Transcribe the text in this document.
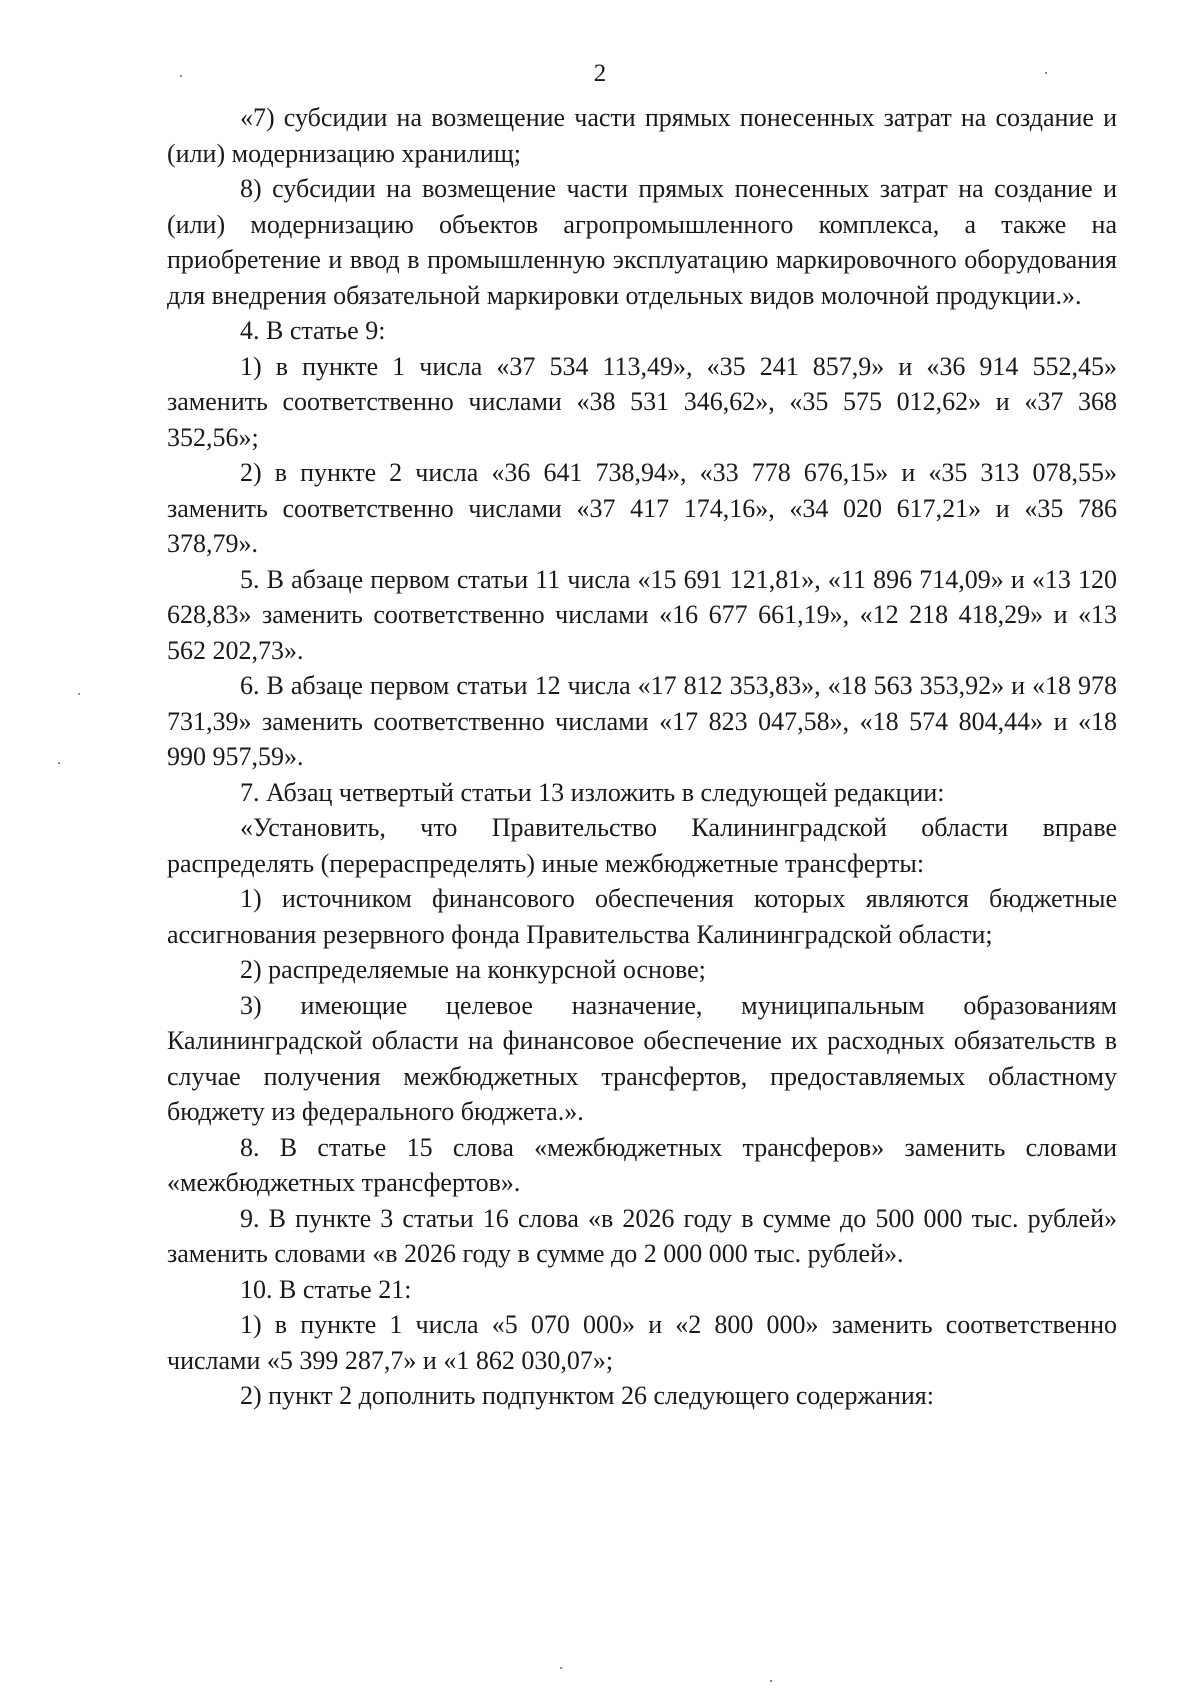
2

«7) субсидии на возмещение части прямых понесенных затрат на создание и (или) модернизацию хранилищ;

8) субсидии на возмещение части прямых понесенных затрат на создание и (или) модернизацию объектов агропромышленного комплекса, а также на приобретение и ввод в промышленную эксплуатацию маркировочного оборудования для внедрения обязательной маркировки отдельных видов молочной продукции.».

4. В статье 9:

1) в пункте 1 числа «37 534 113,49», «35 241 857,9» и «36 914 552,45» заменить соответственно числами «38 531 346,62», «35 575 012,62» и «37 368 352,56»;

2) в пункте 2 числа «36 641 738,94», «33 778 676,15» и «35 313 078,55» заменить соответственно числами «37 417 174,16», «34 020 617,21» и «35 786 378,79».

5. В абзаце первом статьи 11 числа «15 691 121,81», «11 896 714,09» и «13 120 628,83» заменить соответственно числами «16 677 661,19», «12 218 418,29» и «13 562 202,73».

6. В абзаце первом статьи 12 числа «17 812 353,83», «18 563 353,92» и «18 978 731,39» заменить соответственно числами «17 823 047,58», «18 574 804,44» и «18 990 957,59».

7. Абзац четвертый статьи 13 изложить в следующей редакции:

«Установить, что Правительство Калининградской области вправе распределять (перераспределять) иные межбюджетные трансферты:

1) источником финансового обеспечения которых являются бюджетные ассигнования резервного фонда Правительства Калининградской области;

2) распределяемые на конкурсной основе;

3) имеющие целевое назначение, муниципальным образованиям Калининградской области на финансовое обеспечение их расходных обязательств в случае получения межбюджетных трансфертов, предоставляемых областному бюджету из федерального бюджета.».

8. В статье 15 слова «межбюджетных трансферов» заменить словами «межбюджетных трансфертов».

9. В пункте 3 статьи 16 слова «в 2026 году в сумме до 500 000 тыс. рублей» заменить словами «в 2026 году в сумме до 2 000 000 тыс. рублей».

10. В статье 21:

1) в пункте 1 числа «5 070 000» и «2 800 000» заменить соответственно числами «5 399 287,7» и «1 862 030,07»;

2) пункт 2 дополнить подпунктом 26 следующего содержания:
